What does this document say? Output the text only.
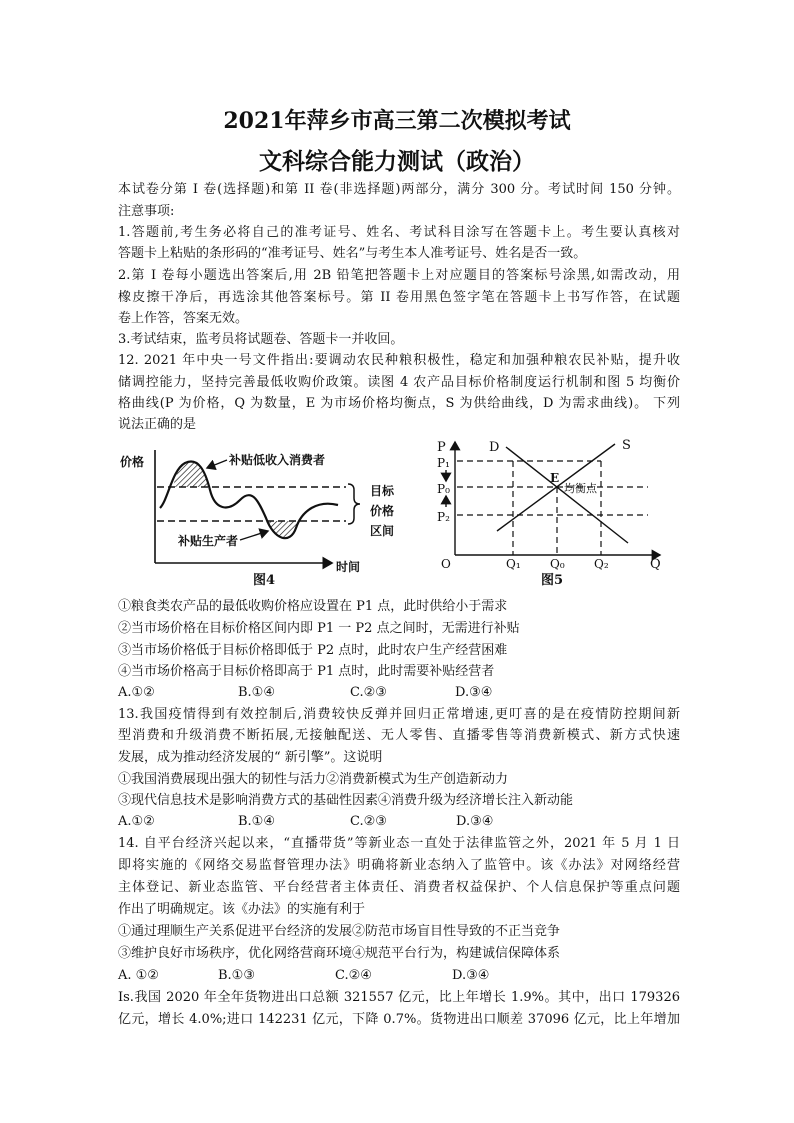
2021年萍乡市高三第二次模拟考试
文科综合能力测试（政治）
本试卷分第 I 卷(选择题)和第 II 卷(非选择题)两部分，满分 300 分。考试时间 150 分钟。
注意事项:
1.答题前,考生务必将自己的准考证号、姓名、考试科目涂写在答题卡上。考生要认真核对
答题卡上粘贴的条形码的“准考证号、姓名”与考生本人准考证号、姓名是否一致。
2.第 I 卷每小题选出答案后,用 2B 铅笔把答题卡上对应题目的答案标号涂黑,如需改动，用
橡皮擦干净后，再选涂其他答案标号。第 II 卷用黑色签字笔在答题卡上书写作答，在试题
卷上作答，答案无效。
3.考试结束，监考员将试题卷、答题卡一并收回。
12. 2021 年中央一号文件指出:要调动农民种粮积极性，稳定和加强种粮农民补贴，提升收
储调控能力，坚持完善最低收购价政策。读图 4 农产品目标价格制度运行机制和图 5 均衡价
格曲线(P 为价格，Q 为数量，E 为市场价格均衡点，S 为供给曲线，D 为需求曲线)。 下列
说法正确的是
价格
时间
目标
价格
区间
补贴低收入消费者
补贴生产者
图4
P
Q
O
D	S
P₁
P₀
P₂
E
均衡点
Q₁ Q₀ Q₂
图5
①粮食类农产品的最低收购价格应设置在 P1 点，此时供给小于需求
②当市场价格在目标价格区间内即 P1 一 P2 点之间时，无需进行补贴
③当市场价格低于目标价格即低于 P2 点时，此时农户生产经营困难
④当市场价格高于目标价格即高于 P1 点时，此时需要补贴经营者
A.①②	B.①④	C.②③	D.③④
13.我国疫情得到有效控制后,消费较快反弹并回归正常增速,更叮喜的是在疫情防控期间新
型消费和升级消费不断拓展,无接触配送、无人零售、直播零售等消费新模式、新方式快速
发展，成为推动经济发展的“ 新引擎”。这说明
①我国消费展现出强大的韧性与活力②消费新模式为生产创造新动力
③现代信息技术是影响消费方式的基础性因素④消费升级为经济增长注入新动能
A.①②	B.①④	C.②③	D.③④
14. 自平台经济兴起以来，“直播带货”等新业态一直处于法律监管之外，2021 年 5 月 1 日
即将实施的《网络交易监督管理办法》明确将新业态纳入了监管中。该《办法》对网络经营
主体登记、新业态监管、平台经营者主体责任、消费者权益保护、个人信息保护等重点问题
作出了明确规定。该《办法》的实施有利于
①通过理顺生产关系促进平台经济的发展②防范市场盲目性导致的不正当竞争
③维护良好市场秩序，优化网络营商环境④规范平台行为，构建诚信保障体系
A. ①②	B.①③	C.②④	D.③④
Is.我国 2020 年全年货物进出口总额 321557 亿元，比上年增长 1.9%。其中，出口 179326
亿元，增长 4.0%;进口 142231 亿元，下降 0.7%。货物进出口顺差 37096 亿元，比上年增加
